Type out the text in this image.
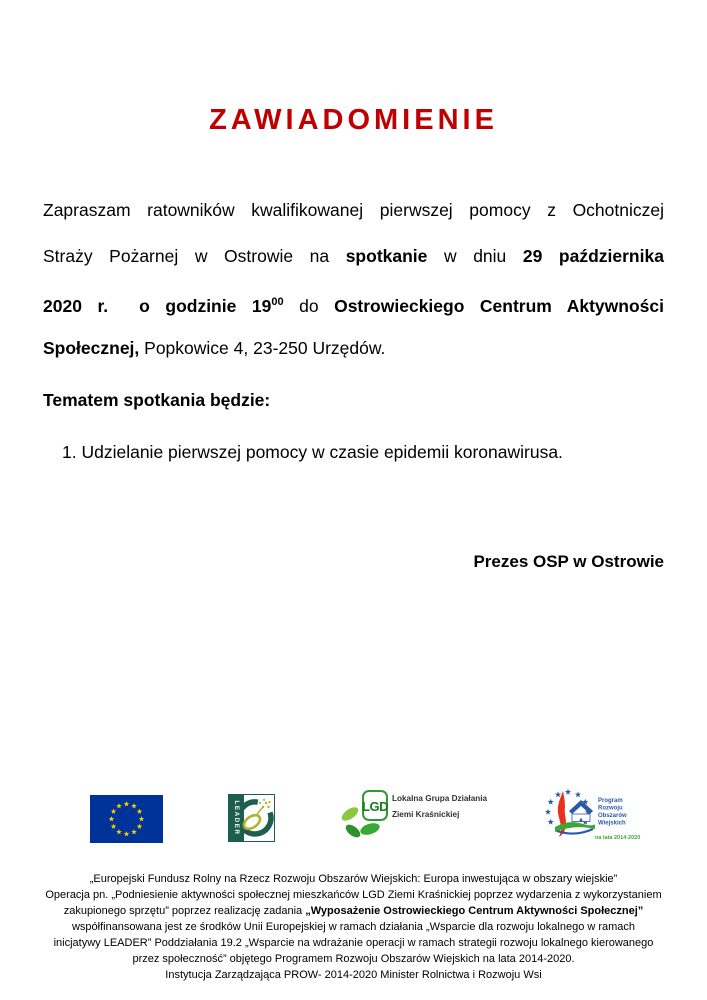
ZAWIADOMIENIE
Zapraszam ratowników kwalifikowanej pierwszej pomocy z Ochotniczej
Straży Pożarnej w Ostrowie na spotkanie w dniu 29 października
2020 r.  o godzinie $19^{00}$ do Ostrowieckiego Centrum Aktywności
Społecznej, Popkowice 4, 23-250 Urzędów.
Tematem spotkania będzie:
1. Udzielanie pierwszej pomocy w czasie epidemii koronawirusa.
Prezes OSP w Ostrowie
LEADER	LGD
Lokalna Grupa Działania
Ziemi Kraśnickiej
Program
Rozwoju
Obszarów
Wiejskich
na lata 2014-2020
„Europejski Fundusz Rolny na Rzecz Rozwoju Obszarów Wiejskich: Europa inwestująca w obszary wiejskie”
Operacja pn. „Podniesienie aktywności społecznej mieszkańców LGD Ziemi Kraśnickiej poprzez wydarzenia z wykorzystaniem
zakupionego sprzętu” poprzez realizację zadania „Wyposażenie Ostrowieckiego Centrum Aktywności Społecznej”
współfinansowana jest ze środków Unii Europejskiej w ramach działania „Wsparcie dla rozwoju lokalnego w ramach
inicjatywy LEADER” Poddziałania 19.2 „Wsparcie na wdrażanie operacji w ramach strategii rozwoju lokalnego kierowanego
przez społeczność” objętego Programem Rozwoju Obszarów Wiejskich na lata 2014-2020.
Instytucja Zarządzająca PROW- 2014-2020 Minister Rolnictwa i Rozwoju Wsi
